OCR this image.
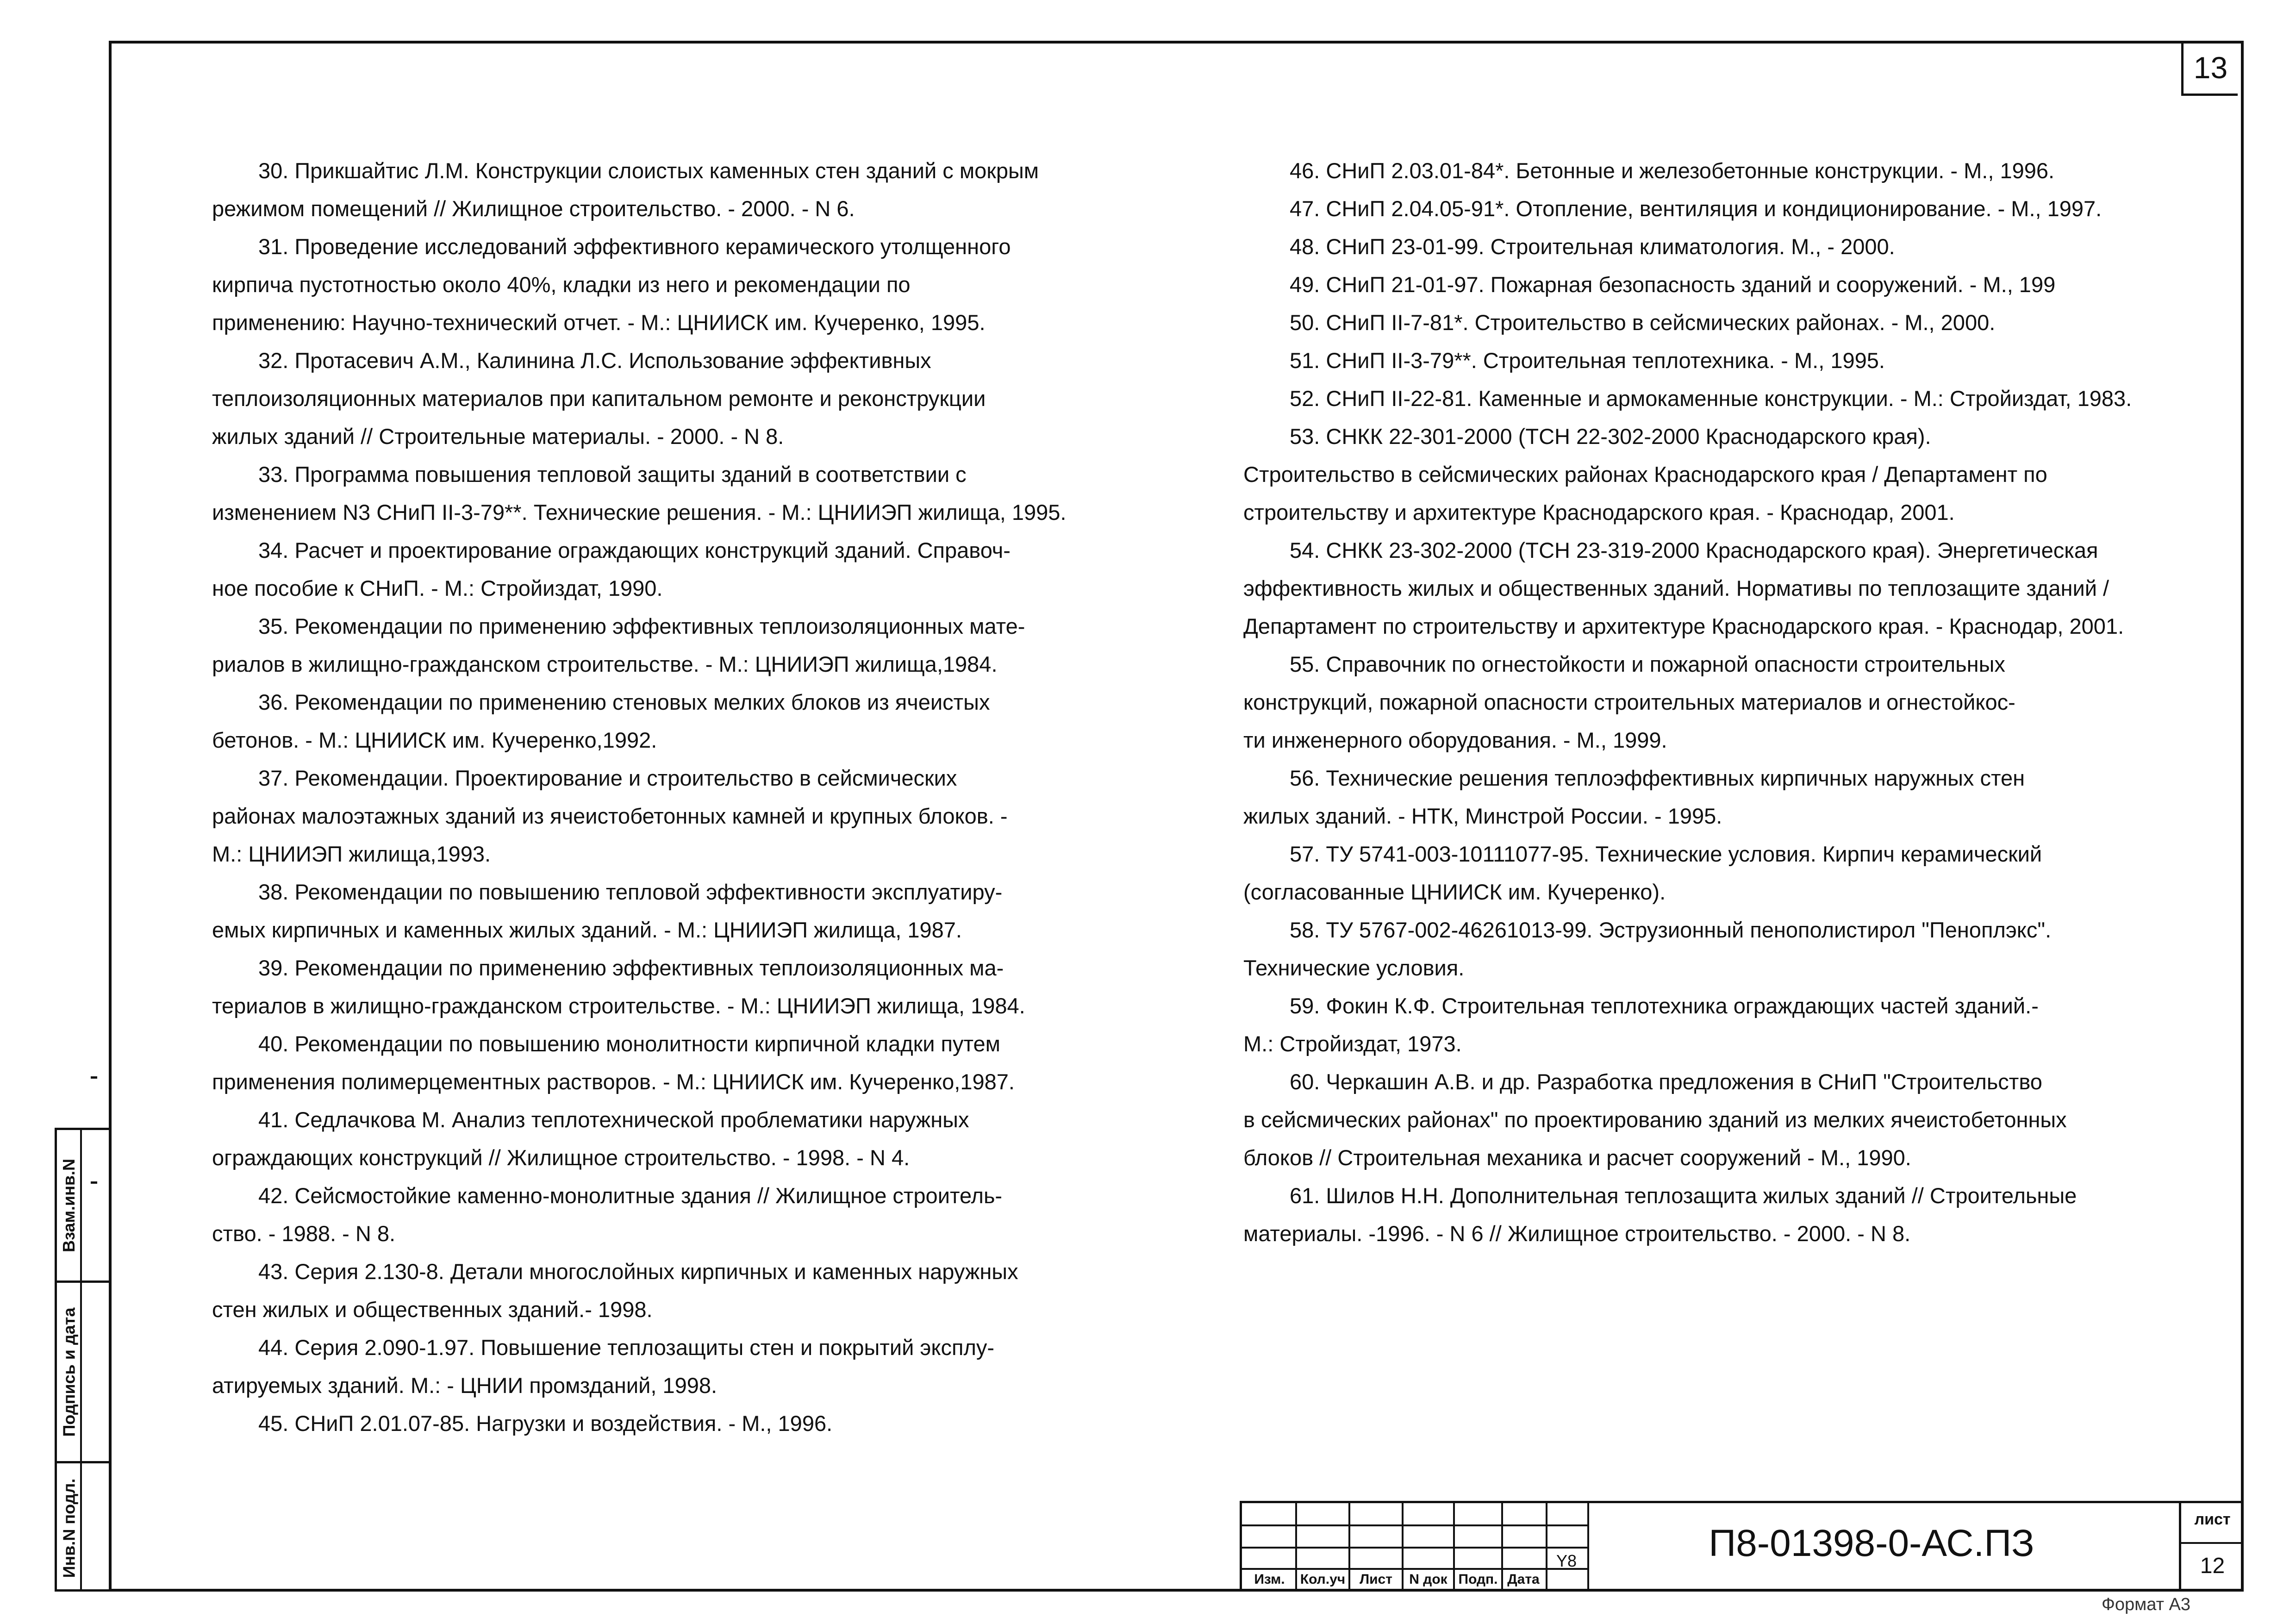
13
30. Прикшайтис Л.М. Конструкции слоистых каменных стен зданий с мокрым
режимом помещений // Жилищное строительство. - 2000. - N 6.
31. Проведение исследований эффективного керамического утолщенного
кирпича пустотностью около 40%, кладки из него и рекомендации по
применению: Научно-технический отчет. - М.: ЦНИИСК им. Кучеренко, 1995.
32. Протасевич А.М., Калинина Л.С. Использование эффективных
теплоизоляционных материалов при капитальном ремонте и реконструкции
жилых зданий // Строительные материалы. - 2000. - N 8.
33. Программа повышения тепловой защиты зданий в соответствии с
изменением N3 СНиП II-3-79**. Технические решения. - М.: ЦНИИЭП жилища, 1995.
34. Расчет и проектирование ограждающих конструкций зданий. Справоч-
ное пособие к СНиП. - М.: Стройиздат, 1990.
35. Рекомендации по применению эффективных теплоизоляционных мате-
риалов в жилищно-гражданском строительстве. - М.: ЦНИИЭП жилища,1984.
36. Рекомендации по применению стеновых мелких блоков из ячеистых
бетонов. - М.: ЦНИИСК им. Кучеренко,1992.
37. Рекомендации. Проектирование и строительство в сейсмических
районах малоэтажных зданий из ячеистобетонных камней и крупных блоков. -
М.: ЦНИИЭП жилища,1993.
38. Рекомендации по повышению тепловой эффективности эксплуатиру-
емых кирпичных и каменных жилых зданий. - М.: ЦНИИЭП жилища, 1987.
39. Рекомендации по применению эффективных теплоизоляционных ма-
териалов в жилищно-гражданском строительстве. - М.: ЦНИИЭП жилища, 1984.
40. Рекомендации по повышению монолитности кирпичной кладки путем
применения полимерцементных растворов. - М.: ЦНИИСК им. Кучеренко,1987.
41. Седлачкова М. Анализ теплотехнической проблематики наружных
ограждающих конструкций // Жилищное строительство. - 1998. - N 4.
42. Сейсмостойкие каменно-монолитные здания // Жилищное строитель-
ство. - 1988. - N 8.
43. Серия 2.130-8. Детали многослойных кирпичных и каменных наружных
стен жилых и общественных зданий.- 1998.
44. Серия 2.090-1.97. Повышение теплозащиты стен и покрытий эксплу-
атируемых зданий. М.: - ЦНИИ промзданий, 1998.
45. СНиП 2.01.07-85. Нагрузки и воздействия. - М., 1996.
46. СНиП 2.03.01-84*. Бетонные и железобетонные конструкции. - М., 1996.
47. СНиП 2.04.05-91*. Отопление, вентиляция и кондиционирование. - М., 1997.
48. СНиП 23-01-99. Строительная климатология. М., - 2000.
49. СНиП 21-01-97. Пожарная безопасность зданий и сооружений. - М., 199
50. СНиП II-7-81*. Строительство в сейсмических районах. - М., 2000.
51. СНиП II-3-79**. Строительная теплотехника. - М., 1995.
52. СНиП II-22-81. Каменные и армокаменные конструкции. - М.: Стройиздат, 1983.
53. СНКК 22-301-2000 (ТСН 22-302-2000 Краснодарского края).
Строительство в сейсмических районах Краснодарского края / Департамент по
строительству и архитектуре Краснодарского края. - Краснодар, 2001.
54. СНКК 23-302-2000 (ТСН 23-319-2000 Краснодарского края). Энергетическая
эффективность жилых и общественных зданий. Нормативы по теплозащите зданий /
Департамент по строительству и архитектуре Краснодарского края. - Краснодар, 2001.
55. Справочник по огнестойкости и пожарной опасности строительных
конструкций, пожарной опасности строительных материалов и огнестойкос-
ти инженерного оборудования. - М., 1999.
56. Технические решения теплоэффективных кирпичных наружных стен
жилых зданий. - НТК, Минстрой России. - 1995.
57. ТУ 5741-003-10111077-95. Технические условия. Кирпич керамический
(согласованные ЦНИИСК им. Кучеренко).
58. ТУ 5767-002-46261013-99. Эструзионный пенополистирол "Пеноплэкс".
Технические условия.
59. Фокин К.Ф. Строительная теплотехника ограждающих частей зданий.-
М.: Стройиздат, 1973.
60. Черкашин А.В. и др. Разработка предложения в СНиП "Строительство
в сейсмических районах" по проектированию зданий из мелких ячеистобетонных
блоков // Строительная механика и расчет сооружений - М., 1990.
61. Шилов Н.Н. Дополнительная теплозащита жилых зданий // Строительные
материалы. -1996. - N 6 // Жилищное строительство. - 2000. - N 8.
Взам.инв.N
Подпись и дата
Инв.N подл.
Изм.	Кол.уч	Лист	N док Подп. Дата
Y8	П8-01398-0-АС.ПЗ
лист
12
Формат А3
